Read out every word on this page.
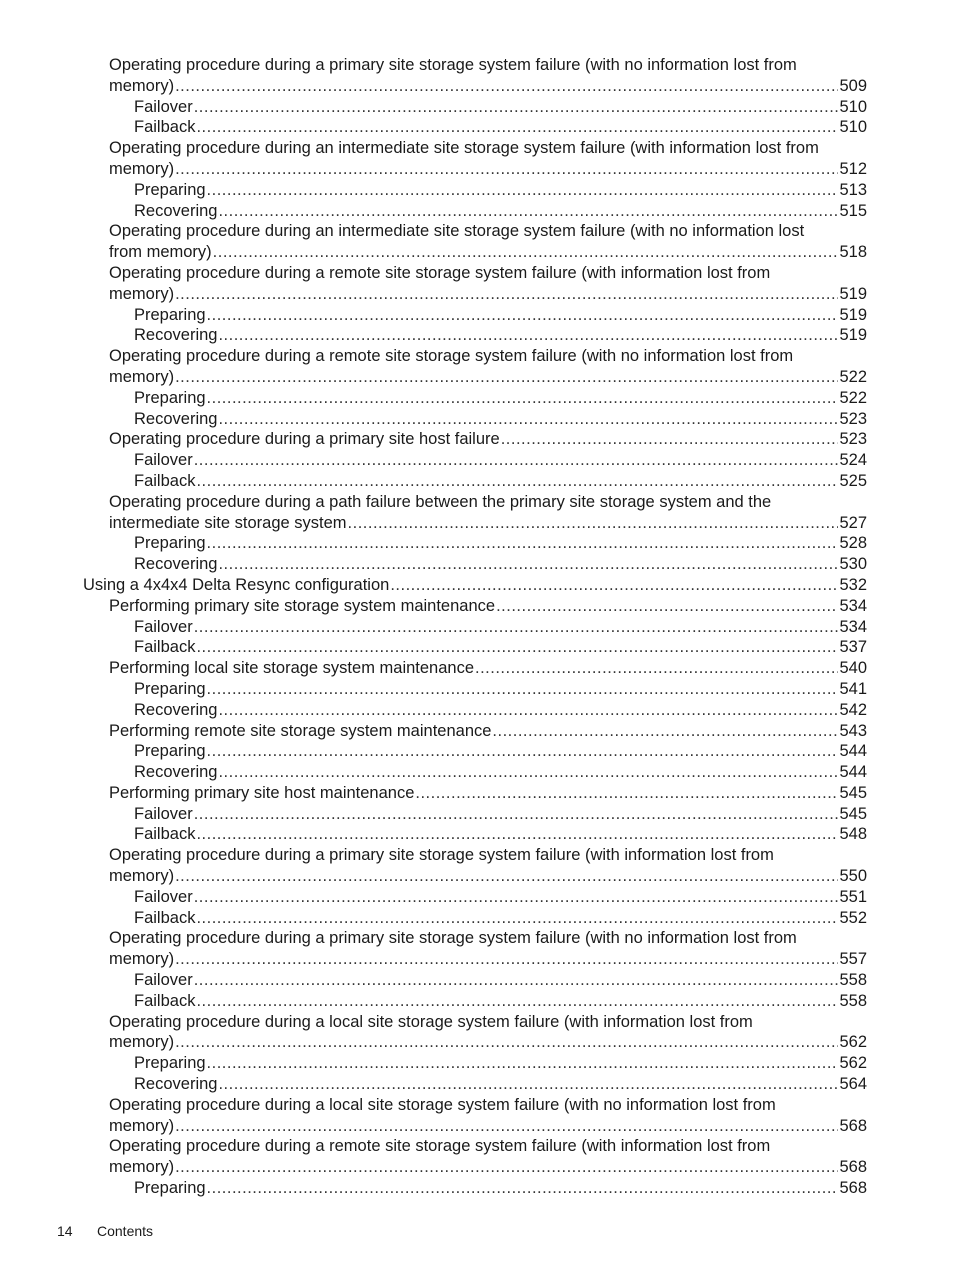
Operating procedure during a primary site storage system failure (with no information lost from
memory) .....	509
Failover .....	510
Failback .....	510
Operating procedure during an intermediate site storage system failure (with information lost from
memory) .....	512
Preparing .....	513
Recovering .....	515
Operating procedure during an intermediate site storage system failure (with no information lost
from memory) .....	518
Operating procedure during a remote site storage system failure (with information lost from
memory) .....	519
Preparing .....	519
Recovering .....	519
Operating procedure during a remote site storage system failure (with no information lost from
memory) .....	522
Preparing .....	522
Recovering .....	523
Operating procedure during a primary site host failure .....	523
Failover .....	524
Failback .....	525
Operating procedure during a path failure between the primary site storage system and the
intermediate site storage system .....	527
Preparing .....	528
Recovering .....	530
Using a 4x4x4 Delta Resync configuration .....	532
Performing primary site storage system maintenance .....	534
Failover .....	534
Failback .....	537
Performing local site storage system maintenance .....	540
Preparing .....	541
Recovering .....	542
Performing remote site storage system maintenance .....	543
Preparing .....	544
Recovering .....	544
Performing primary site host maintenance .....	545
Failover .....	545
Failback .....	548
Operating procedure during a primary site storage system failure (with information lost from
memory) .....	550
Failover .....	551
Failback .....	552
Operating procedure during a primary site storage system failure (with no information lost from
memory) .....	557
Failover .....	558
Failback .....	558
Operating procedure during a local site storage system failure (with information lost from
memory) .....	562
Preparing .....	562
Recovering .....	564
Operating procedure during a local site storage system failure (with no information lost from
memory) .....	568
Operating procedure during a remote site storage system failure (with information lost from
memory) .....	568
Preparing .....	568
14 Contents
